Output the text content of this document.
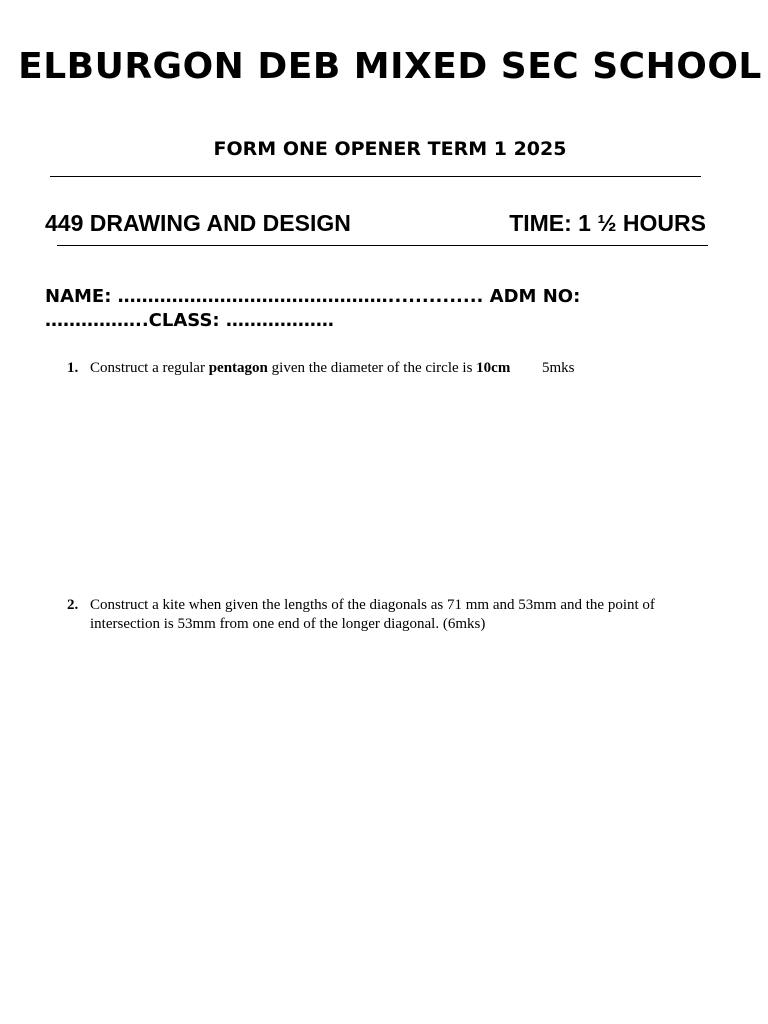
ELBURGON DEB MIXED SEC SCHOOL
FORM ONE OPENER TERM 1 2025
449 DRAWING AND DESIGN	TIME: 1 ½ HOURS
NAME: ……………………………………….............. ADM NO: ……………..CLASS: ………………
1. Construct a regular pentagon given the diameter of the circle is 10cm	5mks
2. Construct a kite when given the lengths of the diagonals as 71 mm and 53mm and the point of intersection is 53mm from one end of the longer diagonal. (6mks)
